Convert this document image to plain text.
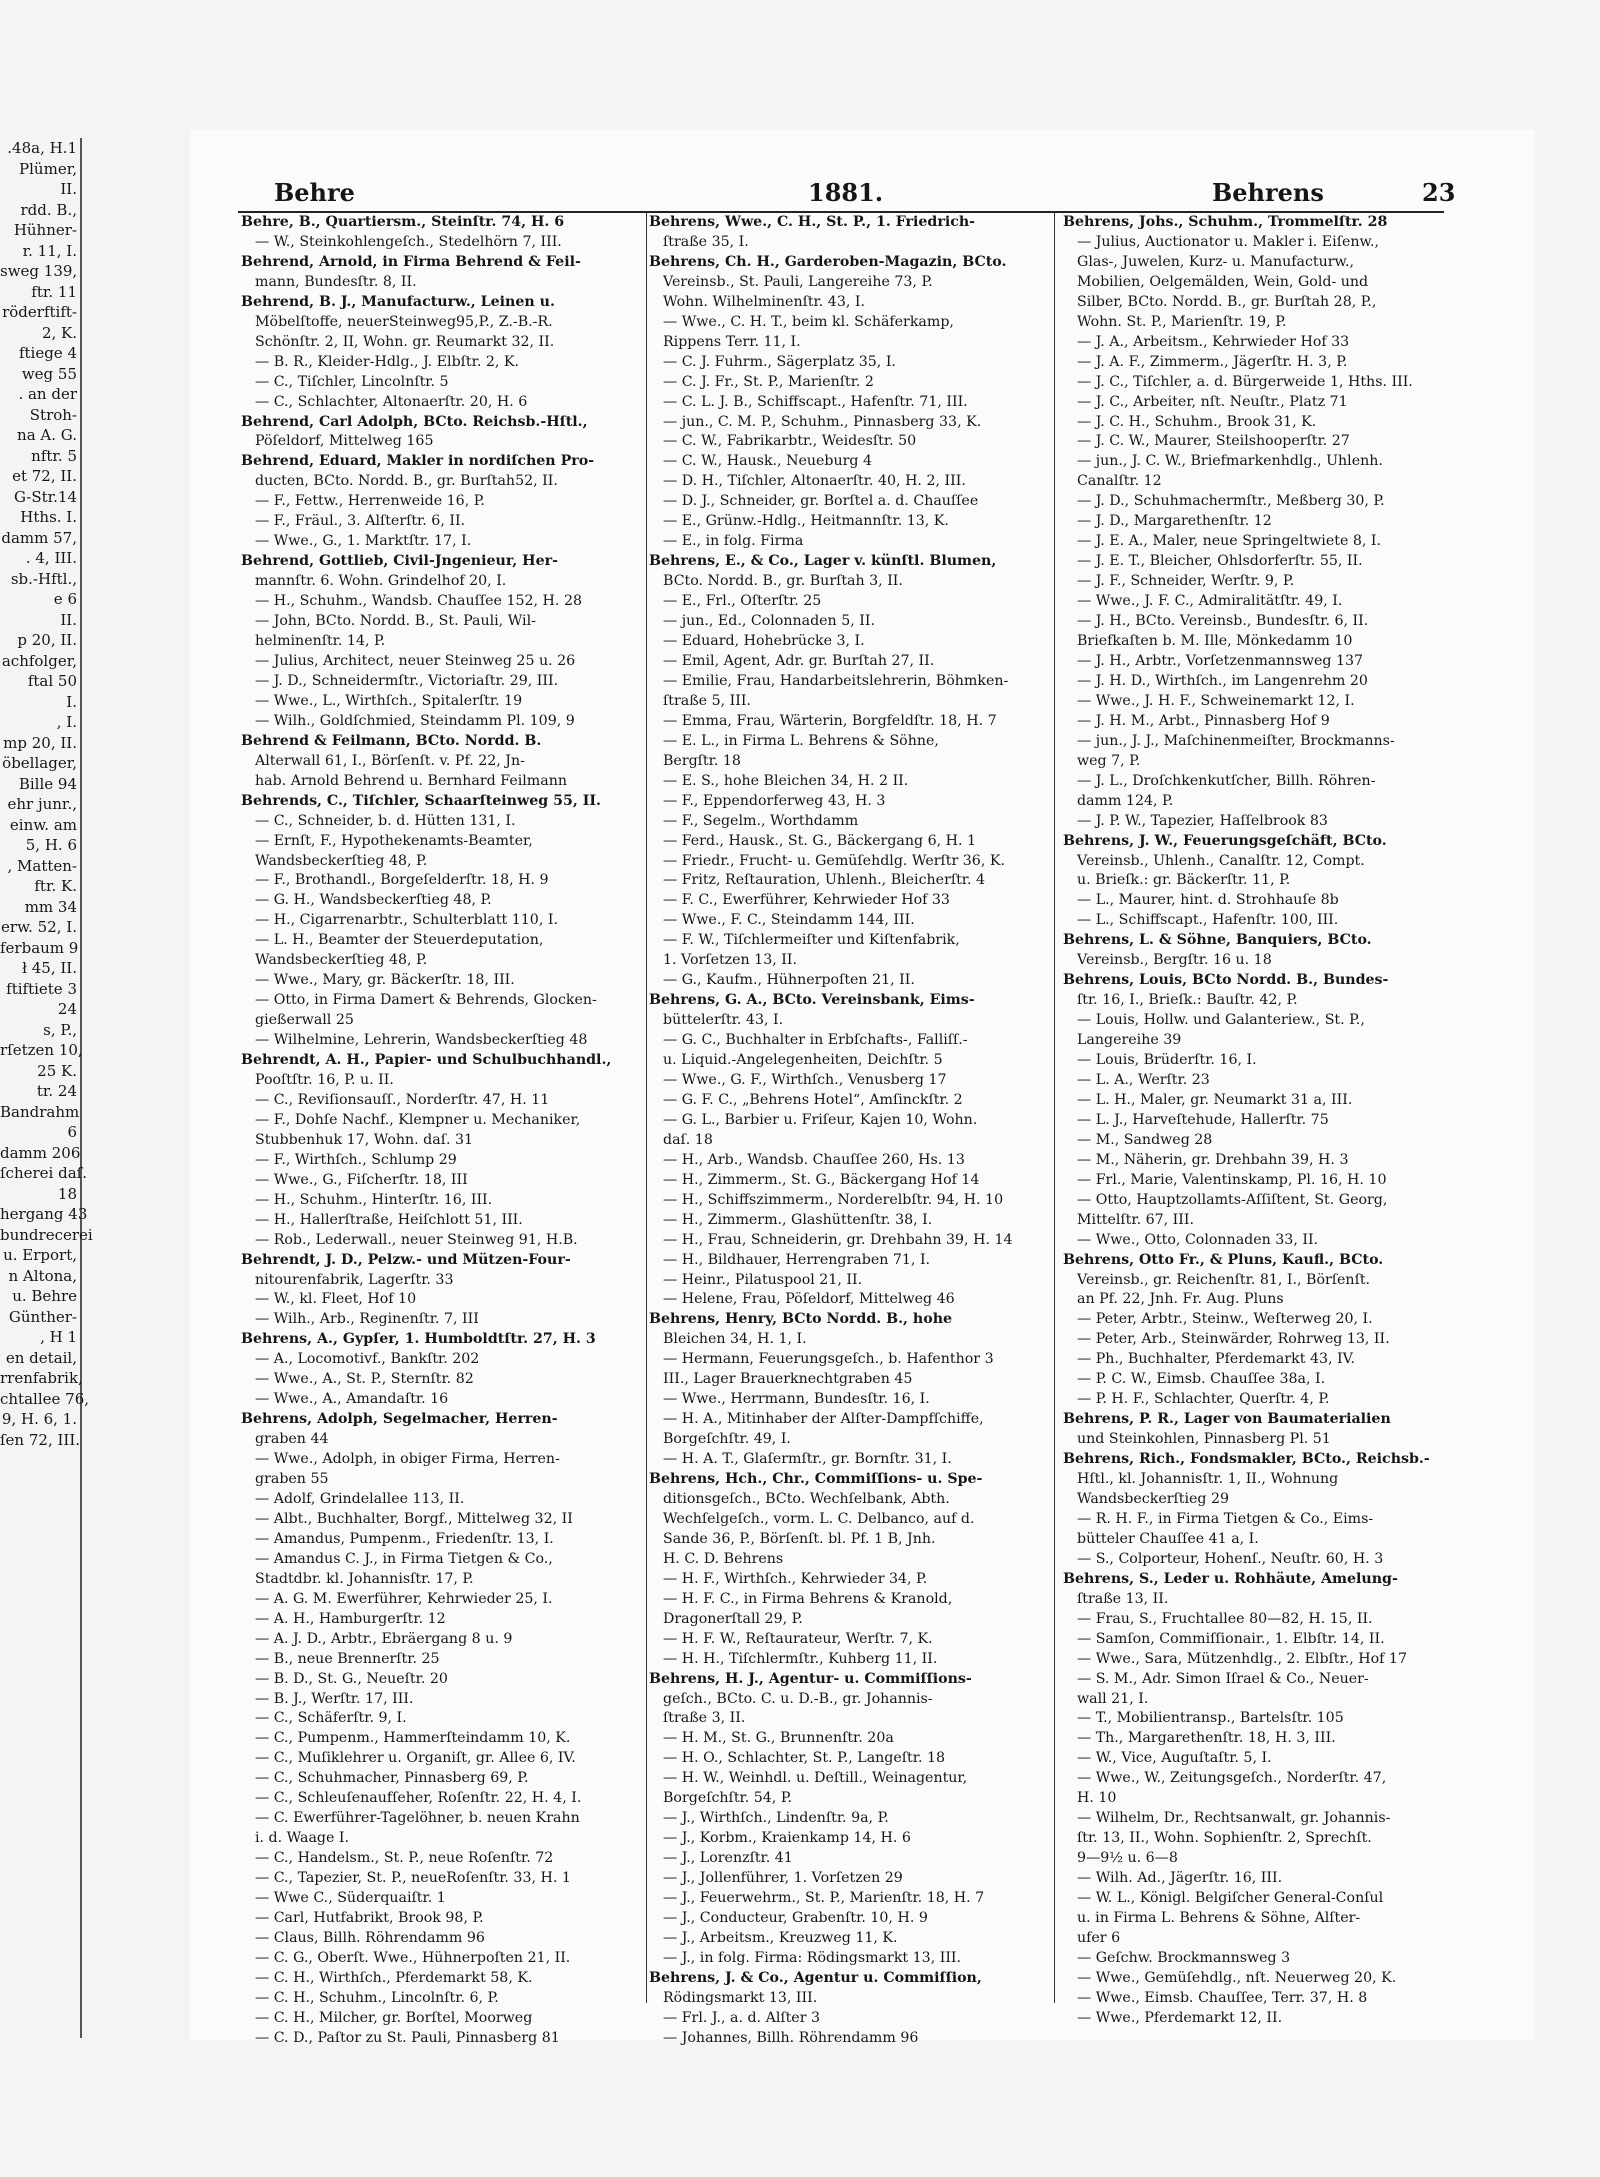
.48a, H.1
Plümer,
II.
rdd. B.,
Hühner-
r. 11, I.
sweg 139,
ftr. 11
röderftift-
2, K.
ftiege 4
weg 55
. an der
Stroh-
na A. G.
nftr. 5
et 72, II.
G-Str.14
Hths. I.
damm 57,
. 4, III.
sb.-Hftl.,
e 6
II.
p 20, II.
achfolger,
ftal 50
I.
, I.
mp 20, II.
öbellager,
Bille 94
ehr junr.,
einw. am
5, H. 6
, Matten-
ftr. K.
mm 34
erw. 52, I.
ferbaum 9
ł 45, II.
ftiftiete 3
24
s, P.,
rſetzen 10,
25 K.
tr. 24
Bandrahm
6
damm 206
ſcherei daſ.
18
hergang 43
bundrecerei
u. Erport,
n Altona,
u. Behre
Günther-
, H 1
en detail,
rrenfabrik,
chtallee 76,
9, H. 6, 1.
ſen 72, III.
Behre	1881.	Behrens	23
Behre, B., Quartiersm., Steinſtr. 74, H. 6
— W., Steinkohlengeſch., Stedelhörn 7, III.
Behrend, Arnold, in Firma Behrend & Feil-
mann, Bundesſtr. 8, II.
Behrend, B. J., Manufacturw., Leinen u.
Möbelſtoffe, neuerSteinweg95,P., Z.-B.-R.
Schönſtr. 2, II, Wohn. gr. Reumarkt 32, II.
— B. R., Kleider-Hdlg., J. Elbſtr. 2, K.
— C., Tiſchler, Lincolnſtr. 5
— C., Schlachter, Altonaerſtr. 20, H. 6
Behrend, Carl Adolph, BCto. Reichsb.-Hſtl.,
Pöſeldorf, Mittelweg 165
Behrend, Eduard, Makler in nordiſchen Pro-
ducten, BCto. Nordd. B., gr. Burſtah52, II.
— F., Fettw., Herrenweide 16, P.
— F., Fräul., 3. Alſterſtr. 6, II.
— Wwe., G., 1. Marktſtr. 17, I.
Behrend, Gottlieb, Civil-Jngenieur, Her-
mannſtr. 6. Wohn. Grindelhof 20, I.
— H., Schuhm., Wandsb. Chauſſee 152, H. 28
— John, BCto. Nordd. B., St. Pauli, Wil-
helminenſtr. 14, P.
— Julius, Architect, neuer Steinweg 25 u. 26
— J. D., Schneidermſtr., Victoriaſtr. 29, III.
— Wwe., L., Wirthſch., Spitalerſtr. 19
— Wilh., Goldſchmied, Steindamm Pl. 109, 9
Behrend & Feilmann, BCto. Nordd. B.
Alterwall 61, I., Börſenſt. v. Pf. 22, Jn-
hab. Arnold Behrend u. Bernhard Feilmann
Behrends, C., Tiſchler, Schaarſteinweg 55, II.
— C., Schneider, b. d. Hütten 131, I.
— Ernſt, F., Hypothekenamts-Beamter,
Wandsbeckerſtieg 48, P.
— F., Brothandl., Borgeſelderſtr. 18, H. 9
— G. H., Wandsbeckerſtieg 48, P.
— H., Cigarrenarbtr., Schulterblatt 110, I.
— L. H., Beamter der Steuerdeputation,
Wandsbeckerſtieg 48, P.
— Wwe., Mary, gr. Bäckerſtr. 18, III.
— Otto, in Firma Damert & Behrends, Glocken-
gießerwall 25
— Wilhelmine, Lehrerin, Wandsbeckerſtieg 48
Behrendt, A. H., Papier- und Schulbuchhandl.,
Pooſtſtr. 16, P. u. II.
— C., Reviſionsauſſ., Norderſtr. 47, H. 11
— F., Dohſe Nachf., Klempner u. Mechaniker,
Stubbenhuk 17, Wohn. daſ. 31
— F., Wirthſch., Schlump 29
— Wwe., G., Fiſcherſtr. 18, III
— H., Schuhm., Hinterſtr. 16, III.
— H., Hallerſtraße, Heiſchlott 51, III.
— Rob., Lederwall., neuer Steinweg 91, H.B.
Behrendt, J. D., Pelzw.- und Mützen-Four-
nitourenfabrik, Lagerſtr. 33
— W., kl. Fleet, Hof 10
— Wilh., Arb., Reginenſtr. 7, III
Behrens, A., Gypſer, 1. Humboldtſtr. 27, H. 3
— A., Locomotivf., Bankſtr. 202
— Wwe., A., St. P., Sternſtr. 82
— Wwe., A., Amandaſtr. 16
Behrens, Adolph, Segelmacher, Herren-
graben 44
— Wwe., Adolph, in obiger Firma, Herren-
graben 55
— Adolf, Grindelallee 113, II.
— Albt., Buchhalter, Borgf., Mittelweg 32, II
— Amandus, Pumpenm., Friedenſtr. 13, I.
— Amandus C. J., in Firma Tietgen & Co.,
Stadtdbr. kl. Johannisſtr. 17, P.
— A. G. M. Ewerführer, Kehrwieder 25, I.
— A. H., Hamburgerſtr. 12
— A. J. D., Arbtr., Ebräergang 8 u. 9
— B., neue Brennerſtr. 25
— B. D., St. G., Neueſtr. 20
— B. J., Werſtr. 17, III.
— C., Schäferſtr. 9, I.
— C., Pumpenm., Hammerſteindamm 10, K.
— C., Muſiklehrer u. Organiſt, gr. Allee 6, IV.
— C., Schuhmacher, Pinnasberg 69, P.
— C., Schleuſenaufſeher, Roſenſtr. 22, H. 4, I.
— C. Ewerführer-Tagelöhner, b. neuen Krahn
i. d. Waage I.
— C., Handelsm., St. P., neue Roſenſtr. 72
— C., Tapezier, St. P., neueRoſenſtr. 33, H. 1
— Wwe C., Süderquaiſtr. 1
— Carl, Hutfabrikt, Brook 98, P.
— Claus, Billh. Röhrendamm 96
— C. G., Oberſt. Wwe., Hühnerpoſten 21, II.
— C. H., Wirthſch., Pferdemarkt 58, K.
— C. H., Schuhm., Lincolnſtr. 6, P.
— C. H., Milcher, gr. Borſtel, Moorweg
— C. D., Paſtor zu St. Pauli, Pinnasberg 81
Behrens, Wwe., C. H., St. P., 1. Friedrich-
ſtraße 35, I.
Behrens, Ch. H., Garderoben-Magazin, BCto.
Vereinsb., St. Pauli, Langereihe 73, P.
Wohn. Wilhelminenſtr. 43, I.
— Wwe., C. H. T., beim kl. Schäferkamp,
Rippens Terr. 11, I.
— C. J. Fuhrm., Sägerplatz 35, I.
— C. J. Fr., St. P., Marienſtr. 2
— C. L. J. B., Schiffscapt., Hafenſtr. 71, III.
— jun., C. M. P., Schuhm., Pinnasberg 33, K.
— C. W., Fabrikarbtr., Weidesſtr. 50
— C. W., Hausk., Neueburg 4
— D. H., Tiſchler, Altonaerſtr. 40, H. 2, III.
— D. J., Schneider, gr. Borſtel a. d. Chauſſee
— E., Grünw.-Hdlg., Heitmannſtr. 13, K.
— E., in folg. Firma
Behrens, E., & Co., Lager v. künſtl. Blumen,
BCto. Nordd. B., gr. Burſtah 3, II.
— E., Frl., Oſterſtr. 25
— jun., Ed., Colonnaden 5, II.
— Eduard, Hohebrücke 3, I.
— Emil, Agent, Adr. gr. Burſtah 27, II.
— Emilie, Frau, Handarbeitslehrerin, Böhmken-
ſtraße 5, III.
— Emma, Frau, Wärterin, Borgfeldſtr. 18, H. 7
— E. L., in Firma L. Behrens & Söhne,
Bergſtr. 18
— E. S., hohe Bleichen 34, H. 2 II.
— F., Eppendorferweg 43, H. 3
— F., Segelm., Worthdamm
— Ferd., Hausk., St. G., Bäckergang 6, H. 1
— Friedr., Frucht- u. Gemüſehdlg. Werſtr 36, K.
— Fritz, Reſtauration, Uhlenh., Bleicherſtr. 4
— F. C., Ewerführer, Kehrwieder Hof 33
— Wwe., F. C., Steindamm 144, III.
— F. W., Tiſchlermeiſter und Kiſtenfabrik,
1. Vorſetzen 13, II.
— G., Kaufm., Hühnerpoſten 21, II.
Behrens, G. A., BCto. Vereinsbank, Eims-
büttelerſtr. 43, I.
— G. C., Buchhalter in Erbſchafts-, Falliſſ.-
u. Liquid.-Angelegenheiten, Deichſtr. 5
— Wwe., G. F., Wirthſch., Venusberg 17
— G. F. C., „Behrens Hotel“, Amſinckſtr. 2
— G. L., Barbier u. Friſeur, Kajen 10, Wohn.
daſ. 18
— H., Arb., Wandsb. Chauſſee 260, Hs. 13
— H., Zimmerm., St. G., Bäckergang Hof 14
— H., Schiffszimmerm., Norderelbſtr. 94, H. 10
— H., Zimmerm., Glashüttenſtr. 38, I.
— H., Frau, Schneiderin, gr. Drehbahn 39, H. 14
— H., Bildhauer, Herrengraben 71, I.
— Heinr., Pilatuspool 21, II.
— Helene, Frau, Pöſeldorf, Mittelweg 46
Behrens, Henry, BCto Nordd. B., hohe
Bleichen 34, H. 1, I.
— Hermann, Feuerungsgeſch., b. Hafenthor 3
III., Lager Brauerknechtgraben 45
— Wwe., Herrmann, Bundesſtr. 16, I.
— H. A., Mitinhaber der Alſter-Dampfſchiffe,
Borgeſchſtr. 49, I.
— H. A. T., Glaſermſtr., gr. Bornſtr. 31, I.
Behrens, Hch., Chr., Commiſſions- u. Spe-
ditionsgeſch., BCto. Wechſelbank, Abth.
Wechſelgeſch., vorm. L. C. Delbanco, auf d.
Sande 36, P., Börſenſt. bl. Pf. 1 B, Jnh.
H. C. D. Behrens
— H. F., Wirthſch., Kehrwieder 34, P.
— H. F. C., in Firma Behrens & Kranold,
Dragonerſtall 29, P.
— H. F. W., Reſtaurateur, Werſtr. 7, K.
— H. H., Tiſchlermſtr., Kuhberg 11, II.
Behrens, H. J., Agentur- u. Commiſſions-
geſch., BCto. C. u. D.-B., gr. Johannis-
ſtraße 3, II.
— H. M., St. G., Brunnenſtr. 20a
— H. O., Schlachter, St. P., Langeſtr. 18
— H. W., Weinhdl. u. Deſtill., Weinagentur,
Borgeſchſtr. 54, P.
— J., Wirthſch., Lindenſtr. 9a, P.
— J., Korbm., Kraienkamp 14, H. 6
— J., Lorenzſtr. 41
— J., Jollenführer, 1. Vorſetzen 29
— J., Feuerwehrm., St. P., Marienſtr. 18, H. 7
— J., Conducteur, Grabenſtr. 10, H. 9
— J., Arbeitsm., Kreuzweg 11, K.
— J., in folg. Firma: Rödingsmarkt 13, III.
Behrens, J. & Co., Agentur u. Commiſſion,
Rödingsmarkt 13, III.
— Frl. J., a. d. Alſter 3
— Johannes, Billh. Röhrendamm 96
Behrens, Johs., Schuhm., Trommelſtr. 28
— Julius, Auctionator u. Makler i. Eiſenw.,
Glas-, Juwelen, Kurz- u. Manufacturw.,
Mobilien, Oelgemälden, Wein, Gold- und
Silber, BCto. Nordd. B., gr. Burſtah 28, P.,
Wohn. St. P., Marienſtr. 19, P.
— J. A., Arbeitsm., Kehrwieder Hof 33
— J. A. F., Zimmerm., Jägerſtr. H. 3, P.
— J. C., Tiſchler, a. d. Bürgerweide 1, Hths. III.
— J. C., Arbeiter, nſt. Neuſtr., Platz 71
— J. C. H., Schuhm., Brook 31, K.
— J. C. W., Maurer, Steilshooperſtr. 27
— jun., J. C. W., Briefmarkenhdlg., Uhlenh.
Canalſtr. 12
— J. D., Schuhmachermſtr., Meßberg 30, P.
— J. D., Margarethenſtr. 12
— J. E. A., Maler, neue Springeltwiete 8, I.
— J. E. T., Bleicher, Ohlsdorferſtr. 55, II.
— J. F., Schneider, Werſtr. 9, P.
— Wwe., J. F. C., Admiralitätſtr. 49, I.
— J. H., BCto. Vereinsb., Bundesſtr. 6, II.
Briefkaſten b. M. Ille, Mönkedamm 10
— J. H., Arbtr., Vorſetzenmannsweg 137
— J. H. D., Wirthſch., im Langenrehm 20
— Wwe., J. H. F., Schweinemarkt 12, I.
— J. H. M., Arbt., Pinnasberg Hof 9
— jun., J. J., Maſchinenmeiſter, Brockmanns-
weg 7, P.
— J. L., Droſchkenkutſcher, Billh. Röhren-
damm 124, P.
— J. P. W., Tapezier, Haſſelbrook 83
Behrens, J. W., Feuerungsgeſchäft, BCto.
Vereinsb., Uhlenh., Canalſtr. 12, Compt.
u. Brieſk.: gr. Bäckerſtr. 11, P.
— L., Maurer, hint. d. Strohhauſe 8b
— L., Schiffscapt., Hafenſtr. 100, III.
Behrens, L. & Söhne, Banquiers, BCto.
Vereinsb., Bergſtr. 16 u. 18
Behrens, Louis, BCto Nordd. B., Bundes-
ſtr. 16, I., Brieſk.: Bauſtr. 42, P.
— Louis, Hollw. und Galanteriew., St. P.,
Langereihe 39
— Louis, Brüderſtr. 16, I.
— L. A., Werſtr. 23
— L. H., Maler, gr. Neumarkt 31 a, III.
— L. J., Harveſtehude, Hallerſtr. 75
— M., Sandweg 28
— M., Näherin, gr. Drehbahn 39, H. 3
— Frl., Marie, Valentinskamp, Pl. 16, H. 10
— Otto, Hauptzollamts-Aſſiſtent, St. Georg,
Mittelſtr. 67, III.
— Wwe., Otto, Colonnaden 33, II.
Behrens, Otto Fr., & Pluns, Kaufl., BCto.
Vereinsb., gr. Reichenſtr. 81, I., Börſenſt.
an Pf. 22, Jnh. Fr. Aug. Pluns
— Peter, Arbtr., Steinw., Weſterweg 20, I.
— Peter, Arb., Steinwärder, Rohrweg 13, II.
— Ph., Buchhalter, Pferdemarkt 43, IV.
— P. C. W., Eimsb. Chauſſee 38a, I.
— P. H. F., Schlachter, Querſtr. 4, P.
Behrens, P. R., Lager von Baumaterialien
und Steinkohlen, Pinnasberg Pl. 51
Behrens, Rich., Fondsmakler, BCto., Reichsb.-
Hſtl., kl. Johannisſtr. 1, II., Wohnung
Wandsbeckerſtieg 29
— R. H. F., in Firma Tietgen & Co., Eims-
bütteler Chauſſee 41 a, I.
— S., Colporteur, Hohenſ., Neuſtr. 60, H. 3
Behrens, S., Leder u. Rohhäute, Amelung-
ſtraße 13, II.
— Frau, S., Fruchtallee 80—82, H. 15, II.
— Samſon, Commiſſionair., 1. Elbſtr. 14, II.
— Wwe., Sara, Mützenhdlg., 2. Elbſtr., Hof 17
— S. M., Adr. Simon Iſrael & Co., Neuer-
wall 21, I.
— T., Mobilientransp., Bartelsſtr. 105
— Th., Margarethenſtr. 18, H. 3, III.
— W., Vice, Auguſtaſtr. 5, I.
— Wwe., W., Zeitungsgeſch., Norderſtr. 47,
H. 10
— Wilhelm, Dr., Rechtsanwalt, gr. Johannis-
ſtr. 13, II., Wohn. Sophienſtr. 2, Sprechſt.
9—9½ u. 6—8
— Wilh. Ad., Jägerſtr. 16, III.
— W. L., Königl. Belgiſcher General-Conſul
u. in Firma L. Behrens & Söhne, Alſter-
ufer 6
— Geſchw. Brockmannsweg 3
— Wwe., Gemüſehdlg., nſt. Neuerweg 20, K.
— Wwe., Eimsb. Chauſſee, Terr. 37, H. 8
— Wwe., Pferdemarkt 12, II.
